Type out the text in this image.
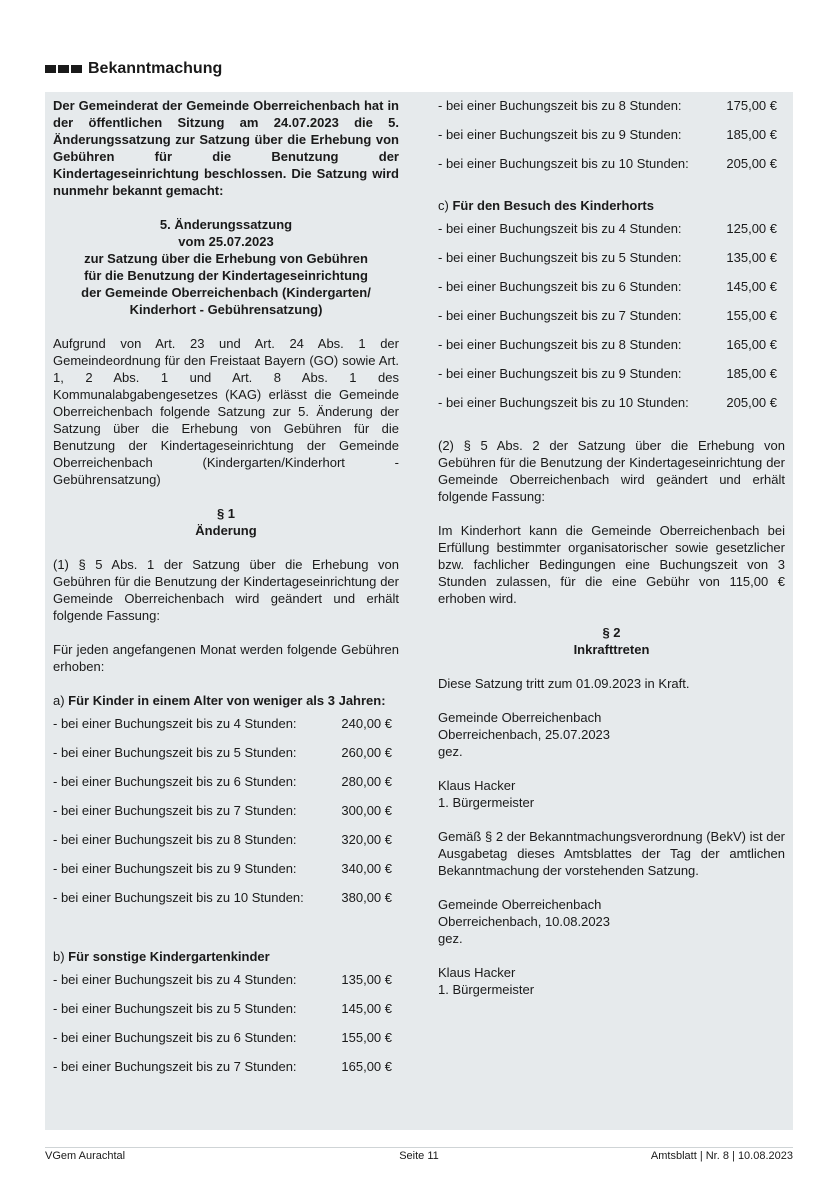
Bekanntmachung

Der Gemeinderat der Gemeinde Oberreichenbach hat in der öffentlichen Sitzung am 24.07.2023 die 5. Änderungssatzung zur Satzung über die Erhebung von Gebühren für die Benutzung der Kindertageseinrichtung beschlossen. Die Satzung wird nunmehr bekannt gemacht:

5. Änderungssatzung

vom 25.07.2023

zur Satzung über die Erhebung von Gebühren

für die Benutzung der Kindertageseinrichtung

der Gemeinde Oberreichenbach (Kindergarten/

Kinderhort - Gebührensatzung)

Aufgrund von Art. 23 und Art. 24 Abs. 1 der Gemeindeordnung für den Freistaat Bayern (GO) sowie Art. 1, 2 Abs. 1 und Art. 8 Abs. 1 des Kommunalabgabengesetzes (KAG) erlässt die Gemeinde Oberreichenbach folgende Satzung zur 5. Änderung der Satzung über die Erhebung von Gebühren für die Benutzung der Kindertageseinrichtung der Gemeinde Oberreichenbach (Kindergarten/Kinderhort - Gebührensatzung)

§ 1

Änderung

(1) § 5 Abs. 1 der Satzung über die Erhebung von Gebühren für die Benutzung der Kindertageseinrichtung der Gemeinde Oberreichenbach wird geändert und erhält folgende Fassung:

Für jeden angefangenen Monat werden folgende Gebühren erhoben:

a) Für Kinder in einem Alter von weniger als 3 Jahren:

- bei einer Buchungszeit bis zu 4 Stunden:	240,00 €
- bei einer Buchungszeit bis zu 5 Stunden:	260,00 €
- bei einer Buchungszeit bis zu 6 Stunden:	280,00 €
- bei einer Buchungszeit bis zu 7 Stunden:	300,00 €
- bei einer Buchungszeit bis zu 8 Stunden:	320,00 €
- bei einer Buchungszeit bis zu 9 Stunden:	340,00 €
- bei einer Buchungszeit bis zu 10 Stunden:	380,00 €

b) Für sonstige Kindergartenkinder

- bei einer Buchungszeit bis zu 4 Stunden:	135,00 €
- bei einer Buchungszeit bis zu 5 Stunden:	145,00 €
- bei einer Buchungszeit bis zu 6 Stunden:	155,00 €
- bei einer Buchungszeit bis zu 7 Stunden:	165,00 €
- bei einer Buchungszeit bis zu 8 Stunden:	175,00 €
- bei einer Buchungszeit bis zu 9 Stunden:	185,00 €
- bei einer Buchungszeit bis zu 10 Stunden:	205,00 €

c) Für den Besuch des Kinderhorts

- bei einer Buchungszeit bis zu 4 Stunden:	125,00 €
- bei einer Buchungszeit bis zu 5 Stunden:	135,00 €
- bei einer Buchungszeit bis zu 6 Stunden:	145,00 €
- bei einer Buchungszeit bis zu 7 Stunden:	155,00 €
- bei einer Buchungszeit bis zu 8 Stunden:	165,00 €
- bei einer Buchungszeit bis zu 9 Stunden:	185,00 €
- bei einer Buchungszeit bis zu 10 Stunden:	205,00 €

(2) § 5 Abs. 2 der Satzung über die Erhebung von Gebühren für die Benutzung der Kindertageseinrichtung der Gemeinde Oberreichenbach wird geändert und erhält folgende Fassung:

Im Kinderhort kann die Gemeinde Oberreichenbach bei Erfüllung bestimmter organisatorischer sowie gesetzlicher bzw. fachlicher Bedingungen eine Buchungszeit von 3 Stunden zulassen, für die eine Gebühr von 115,00 € erhoben wird.

§ 2

Inkrafttreten

Diese Satzung tritt zum 01.09.2023 in Kraft.

Gemeinde Oberreichenbach

Oberreichenbach, 25.07.2023

gez.

Klaus Hacker

1. Bürgermeister

Gemäß § 2 der Bekanntmachungsverordnung (BekV) ist der Ausgabetag dieses Amtsblattes der Tag der amtlichen Bekanntmachung der vorstehenden Satzung.

Gemeinde Oberreichenbach

Oberreichenbach, 10.08.2023

gez.

Klaus Hacker

1. Bürgermeister

VGem Aurachtal	Seite 11	Amtsblatt | Nr. 8 | 10.08.2023
